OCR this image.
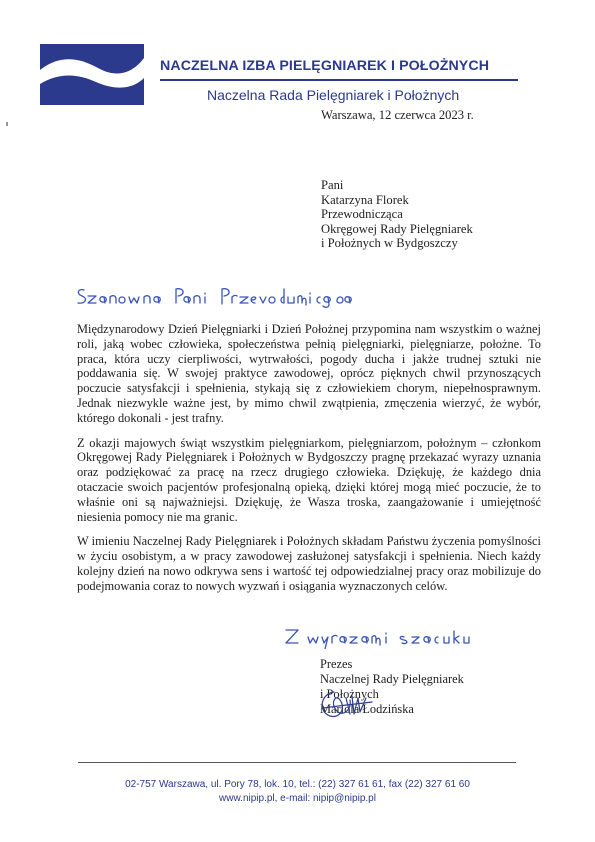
NACZELNA IZBA PIELĘGNIAREK I POŁOŻNYCH
Naczelna Rada Pielęgniarek i Położnych
Warszawa, 12 czerwca 2023 r.
Pani
Katarzyna Florek
Przewodnicząca
Okręgowej Rady Pielęgniarek
i Położnych w Bydgoszczy

Międzynarodowy Dzień Pielęgniarki i Dzień Położnej przypomina nam wszystkim o ważnej roli, jaką wobec człowieka, społeczeństwa pełnią pielęgniarki, pielęgniarze, położne. To praca, która uczy cierpliwości, wytrwałości, pogody ducha i jakże trudnej sztuki nie poddawania się. W swojej praktyce zawodowej, oprócz pięknych chwil przynoszących poczucie satysfakcji i spełnienia, stykają się z człowiekiem chorym, niepełnosprawnym. Jednak niezwykle ważne jest, by mimo chwil zwątpienia, zmęczenia wierzyć, że wybór, którego dokonali - jest trafny.

Z okazji majowych świąt wszystkim pielęgniarkom, pielęgniarzom, położnym – członkom Okręgowej Rady Pielęgniarek i Położnych w Bydgoszczy pragnę przekazać wyrazy uznania oraz podziękować za pracę na rzecz drugiego człowieka. Dziękuję, że każdego dnia otaczacie swoich pacjentów profesjonalną opieką, dzięki której mogą mieć poczucie, że to właśnie oni są najważniejsi. Dziękuję, że Wasza troska, zaangażowanie i umiejętność niesienia pomocy nie ma granic.

W imieniu Naczelnej Rady Pielęgniarek i Położnych składam Państwu życzenia pomyślności w życiu osobistym, a w pracy zawodowej zasłużonej satysfakcji i spełnienia. Niech każdy kolejny dzień na nowo odkrywa sens i wartość tej odpowiedzialnej pracy oraz mobilizuje do podejmowania coraz to nowych wyzwań i osiągania wyznaczonych celów.

Prezes
Naczelnej Rady Pielęgniarek
i Położnych
Mariola Łodzińska
02-757 Warszawa, ul. Pory 78, lok. 10, tel.: (22) 327 61 61, fax (22) 327 61 60
www.nipip.pl, e-mail: nipip@nipip.pl
